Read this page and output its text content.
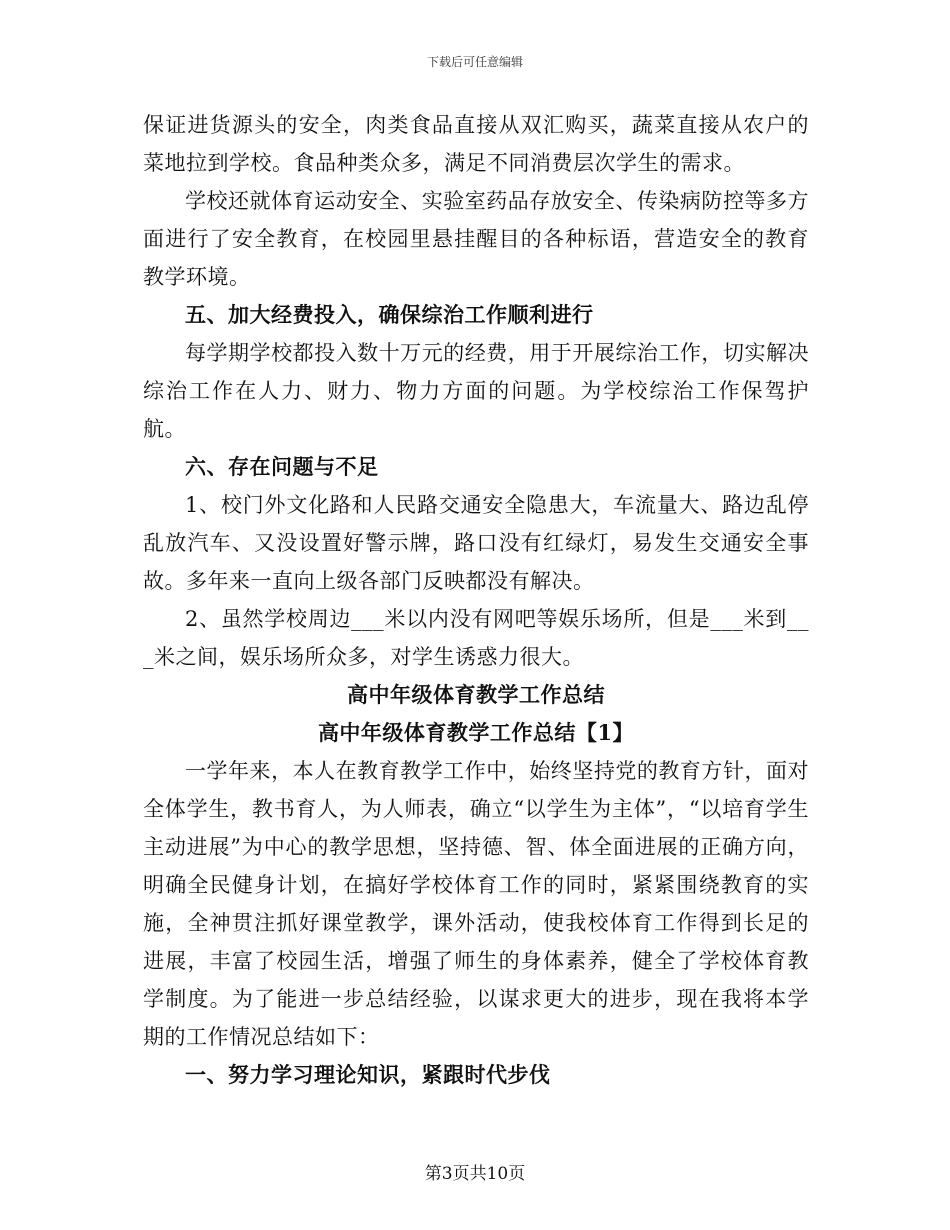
下载后可任意编辑

保证进货源头的安全，肉类食品直接从双汇购买，蔬菜直接从农户的菜地拉到学校。食品种类众多，满足不同消费层次学生的需求。

学校还就体育运动安全、实验室药品存放安全、传染病防控等多方面进行了安全教育，在校园里悬挂醒目的各种标语，营造安全的教育教学环境。

五、加大经费投入，确保综治工作顺利进行

每学期学校都投入数十万元的经费，用于开展综治工作，切实解决综治工作在人力、财力、物力方面的问题。为学校综治工作保驾护航。

六、存在问题与不足

1、校门外文化路和人民路交通安全隐患大，车流量大、路边乱停乱放汽车、又没设置好警示牌，路口没有红绿灯，易发生交通安全事故。多年来一直向上级各部门反映都没有解决。

2、虽然学校周边___米以内没有网吧等娱乐场所，但是___米到___米之间，娱乐场所众多，对学生诱惑力很大。

高中年级体育教学工作总结

高中年级体育教学工作总结【1】

一学年来，本人在教育教学工作中，始终坚持党的教育方针，面对全体学生，教书育人，为人师表，确立“以学生为主体”，“以培育学生主动进展”为中心的教学思想，坚持德、智、体全面进展的正确方向，明确全民健身计划，在搞好学校体育工作的同时，紧紧围绕教育的实施，全神贯注抓好课堂教学，课外活动，使我校体育工作得到长足的进展，丰富了校园生活，增强了师生的身体素养，健全了学校体育教学制度。为了能进一步总结经验，以谋求更大的进步，现在我将本学期的工作情况总结如下：

一、努力学习理论知识，紧跟时代步伐

第3页共10页
